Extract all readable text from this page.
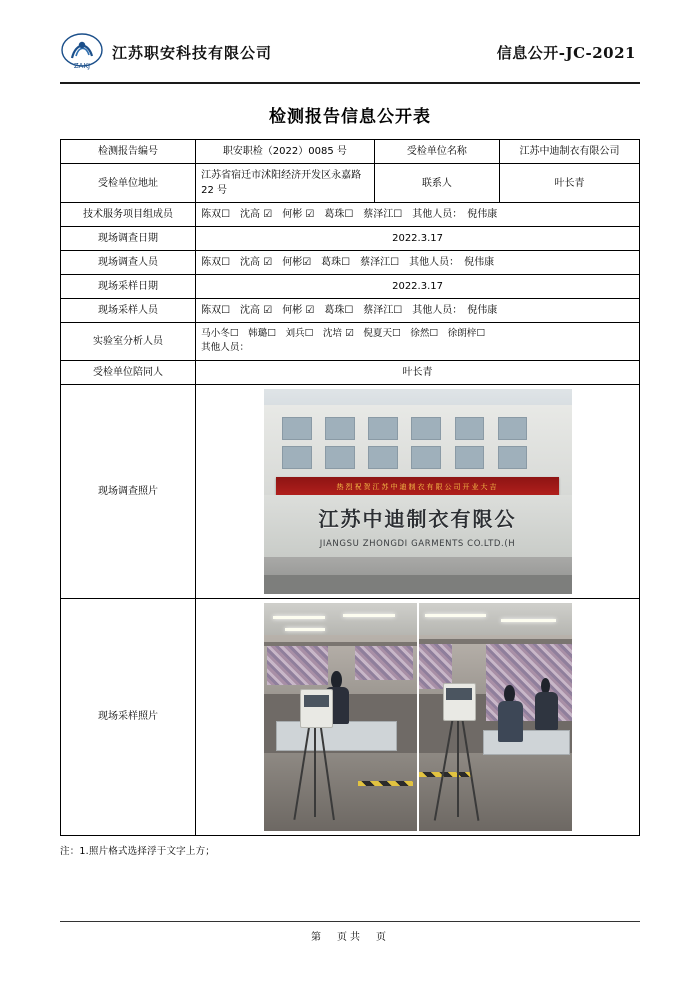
ZAKJ
江苏职安科技有限公司	信息公开-JC-2021
检测报告信息公开表
检测报告编号	职安职检（2022）0085 号	受检单位名称	江苏中迪制衣有限公司
受检单位地址	江苏省宿迁市沭阳经济开发区永嘉路 22 号	联系人	叶长青
技术服务项目组成员	陈双☐　沈高 ☑　何彬 ☑　葛珠☐　蔡泽江☐　其他人员：　倪伟康		
现场调查日期	2022.3.17		
现场调查人员	陈双☐　沈高 ☑　何彬☑　葛珠☐　蔡泽江☐　其他人员：　倪伟康		
现场采样日期	2022.3.17		
现场采样人员	陈双☐　沈高 ☑　何彬 ☑　葛珠☐　蔡泽江☐　其他人员：　倪伟康		
实验室分析人员	马小冬☐　韩璐☐　刘兵☐　沈培 ☑　倪夏天☐　徐然☐　徐朗梓☐
其他人员：		

受检单位陪同人	叶长青		
现场调查照片	热烈祝贺江苏中迪制衣有限公司开业大吉
江苏中迪制衣有限公
JIANGSU ZHONGDI GARMENTS CO.LTD.(H		

现场采样照片			
注：1.照片格式选择浮于文字上方；
第　页共　页
